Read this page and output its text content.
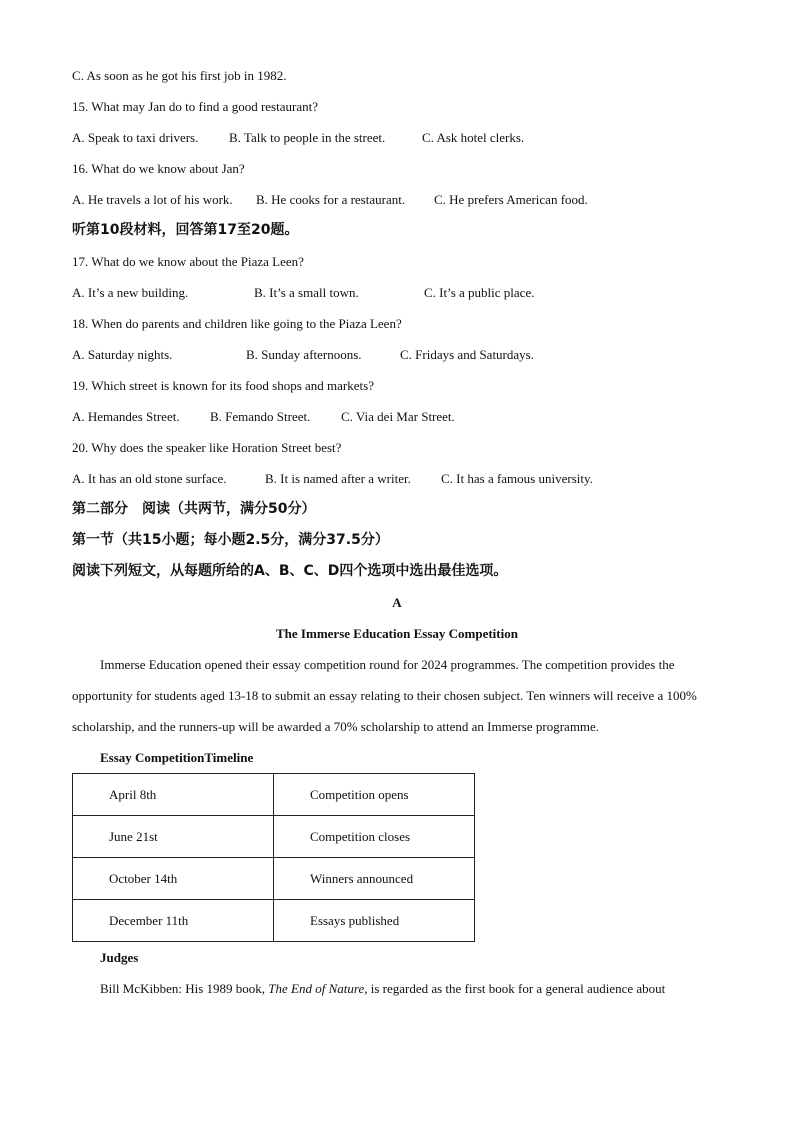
C. As soon as he got his first job in 1982.
15. What may Jan do to find a good restaurant?
A. Speak to taxi drivers.	B. Talk to people in the street.	C. Ask hotel clerks.
16. What do we know about Jan?
A. He travels a lot of his work.	B. He cooks for a restaurant.	C. He prefers American food.
听第10段材料，回答第17至20题。
17. What do we know about the Piaza Leen?
A. It’s a new building.	B. It’s a small town.	C. It’s a public place.
18. When do parents and children like going to the Piaza Leen?
A. Saturday nights.	B. Sunday afternoons.	C. Fridays and Saturdays.
19. Which street is known for its food shops and markets?
A. Hemandes Street.	B. Femando Street.	C. Via dei Mar Street.
20. Why does the speaker like Horation Street best?
A. It has an old stone surface.	B. It is named after a writer.	C. It has a famous university.
第二部分　阅读（共两节，满分50分）
第一节（共15小题；每小题2.5分，满分37.5分）
阅读下列短文，从每题所给的A、B、C、D四个选项中选出最佳选项。
A
The Immerse Education Essay Competition
Immerse Education opened their essay competition round for 2024 programmes. The competition provides the opportunity for students aged 13-18 to submit an essay relating to their chosen subject. Ten winners will receive a 100% scholarship, and the runners-up will be awarded a 70% scholarship to attend an Immerse programme.
Essay CompetitionTimeline
April 8th	Competition opens
June 21st	Competition closes
October 14th	Winners announced
December 11th	Essays published
Judges
Bill McKibben: His 1989 book, The End of Nature, is regarded as the first book for a general audience about
